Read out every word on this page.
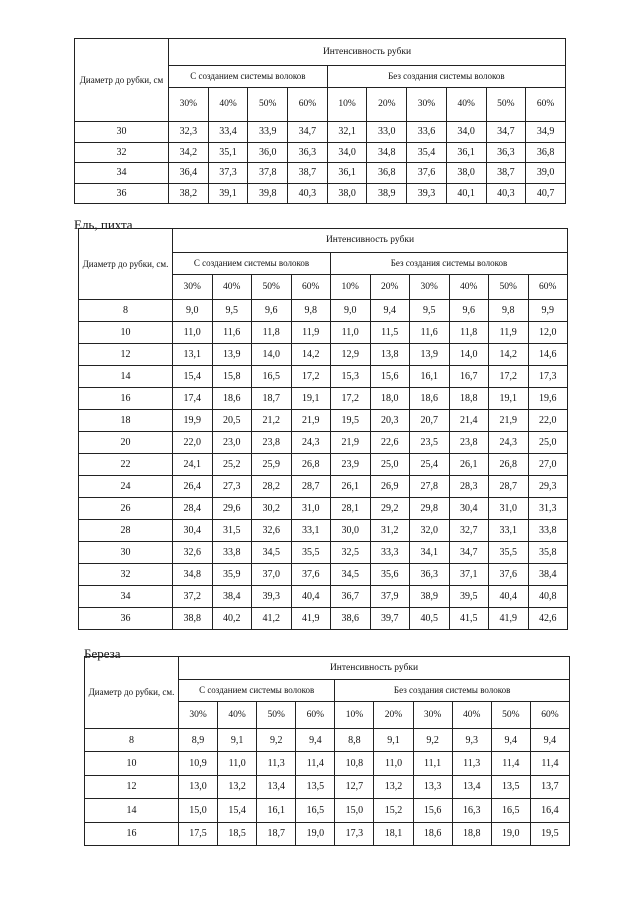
Диаметр до рубки, см	Интенсивность рубки									
	С созданием системы волоков				Без создания системы волоков					
	30%	40%	50%	60%	10%	20%	30%	40%	50%	60%
30	32,3	33,4	33,9	34,7	32,1	33,0	33,6	34,0	34,7	34,9
32	34,2	35,1	36,0	36,3	34,0	34,8	35,4	36,1	36,3	36,8
34	36,4	37,3	37,8	38,7	36,1	36,8	37,6	38,0	38,7	39,0
36	38,2	39,1	39,8	40,3	38,0	38,9	39,3	40,1	40,3	40,7
Ель, пихта
Диаметр до рубки, см.	Интенсивность рубки									
	С созданием системы волоков				Без создания системы волоков					
	30%	40%	50%	60%	10%	20%	30%	40%	50%	60%
8	9,0	9,5	9,6	9,8	9,0	9,4	9,5	9,6	9,8	9,9
10	11,0	11,6	11,8	11,9	11,0	11,5	11,6	11,8	11,9	12,0
12	13,1	13,9	14,0	14,2	12,9	13,8	13,9	14,0	14,2	14,6
14	15,4	15,8	16,5	17,2	15,3	15,6	16,1	16,7	17,2	17,3
16	17,4	18,6	18,7	19,1	17,2	18,0	18,6	18,8	19,1	19,6
18	19,9	20,5	21,2	21,9	19,5	20,3	20,7	21,4	21,9	22,0
20	22,0	23,0	23,8	24,3	21,9	22,6	23,5	23,8	24,3	25,0
22	24,1	25,2	25,9	26,8	23,9	25,0	25,4	26,1	26,8	27,0
24	26,4	27,3	28,2	28,7	26,1	26,9	27,8	28,3	28,7	29,3
26	28,4	29,6	30,2	31,0	28,1	29,2	29,8	30,4	31,0	31,3
28	30,4	31,5	32,6	33,1	30,0	31,2	32,0	32,7	33,1	33,8
30	32,6	33,8	34,5	35,5	32,5	33,3	34,1	34,7	35,5	35,8
32	34,8	35,9	37,0	37,6	34,5	35,6	36,3	37,1	37,6	38,4
34	37,2	38,4	39,3	40,4	36,7	37,9	38,9	39,5	40,4	40,8
36	38,8	40,2	41,2	41,9	38,6	39,7	40,5	41,5	41,9	42,6
Береза
Диаметр до рубки, см.	Интенсивность рубки									
	С созданием системы волоков				Без создания системы волоков					
	30%	40%	50%	60%	10%	20%	30%	40%	50%	60%
8	8,9	9,1	9,2	9,4	8,8	9,1	9,2	9,3	9,4	9,4
10	10,9	11,0	11,3	11,4	10,8	11,0	11,1	11,3	11,4	11,4
12	13,0	13,2	13,4	13,5	12,7	13,2	13,3	13,4	13,5	13,7
14	15,0	15,4	16,1	16,5	15,0	15,2	15,6	16,3	16,5	16,4
16	17,5	18,5	18,7	19,0	17,3	18,1	18,6	18,8	19,0	19,5
